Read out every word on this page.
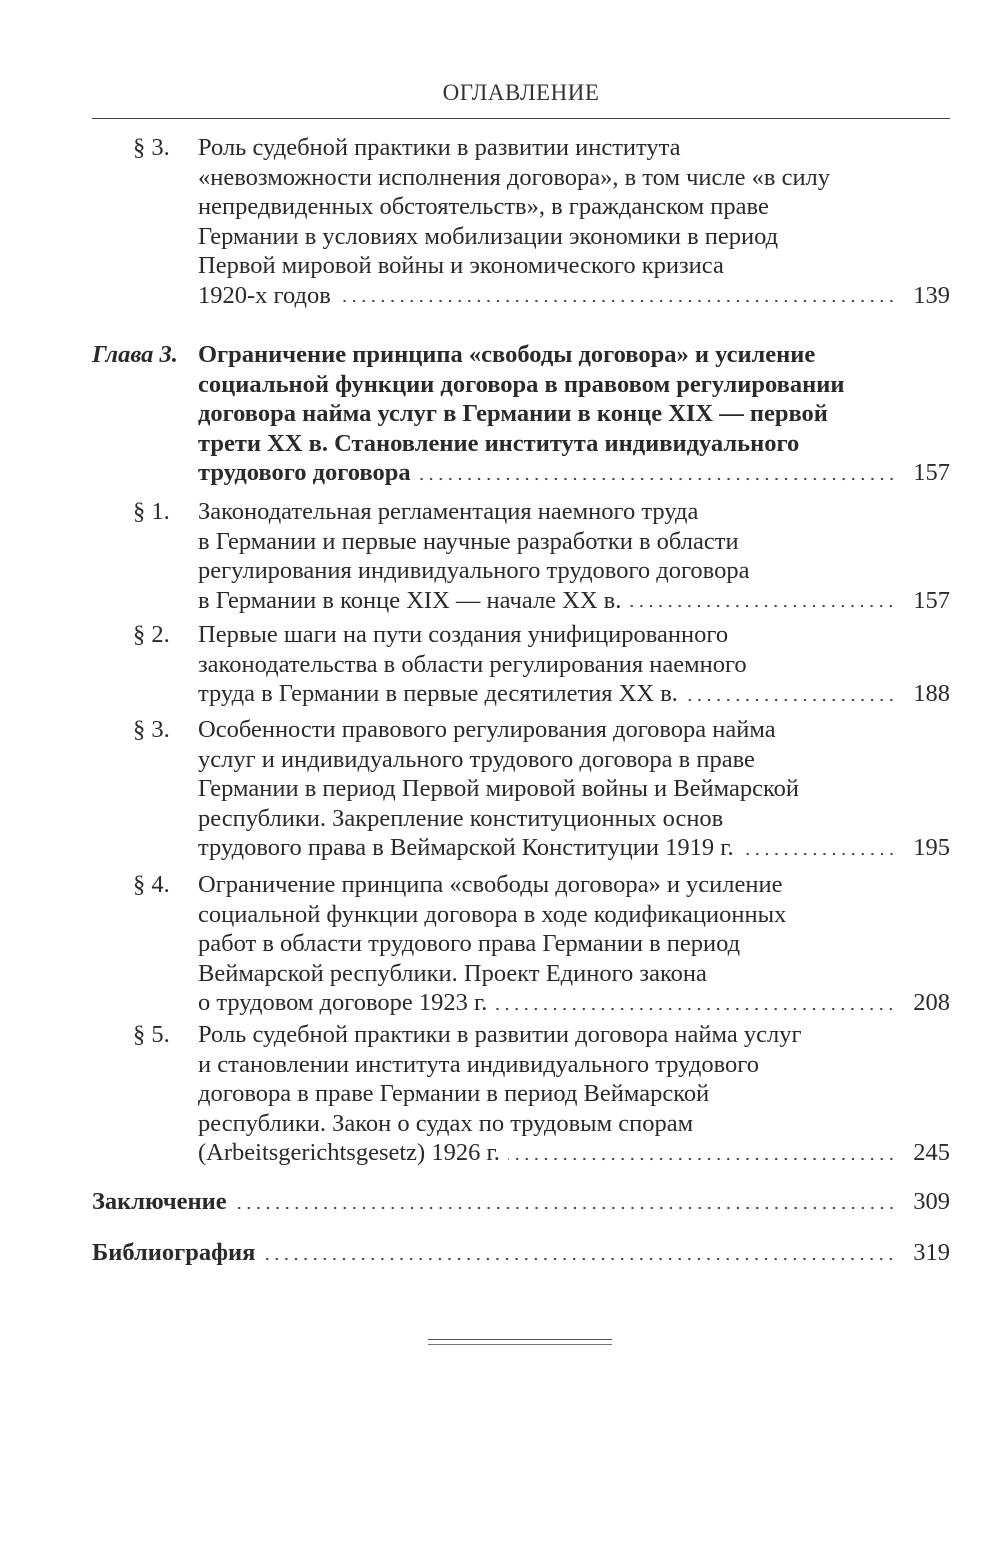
ОГЛАВЛЕНИЕ
§ 3. Роль судебной практики в развитии института
«невозможности исполнения договора», в том числе «в силу
непредвиденных обстоятельств», в гражданском праве
Германии в условиях мобилизации экономики в период
Первой мировой войны и экономического кризиса
1920-х годов	139
Глава 3. Ограничение принципа «свободы договора» и усиление
социальной функции договора в правовом регулировании
договора найма услуг в Германии в конце XIX — первой
трети XX в. Становление института индивидуального
трудового договора	157
§ 1. Законодательная регламентация наемного труда
в Германии и первые научные разработки в области
регулирования индивидуального трудового договора
в Германии в конце XIX — начале XX в.	157
§ 2. Первые шаги на пути создания унифицированного
законодательства в области регулирования наемного
труда в Германии в первые десятилетия XX в.	188
§ 3. Особенности правового регулирования договора найма
услуг и индивидуального трудового договора в праве
Германии в период Первой мировой войны и Веймарской
республики. Закрепление конституционных основ
трудового права в Веймарской Конституции 1919 г.	195
§ 4. Ограничение принципа «свободы договора» и усиление
социальной функции договора в ходе кодификационных
работ в области трудового права Германии в период
Веймарской республики. Проект Единого закона
о трудовом договоре 1923 г.	208
§ 5. Роль судебной практики в развитии договора найма услуг
и становлении института индивидуального трудового
договора в праве Германии в период Веймарской
республики. Закон о судах по трудовым спорам
(Arbeitsgerichtsgesetz) 1926 г.	245
Заключение	309
Библиография	319
